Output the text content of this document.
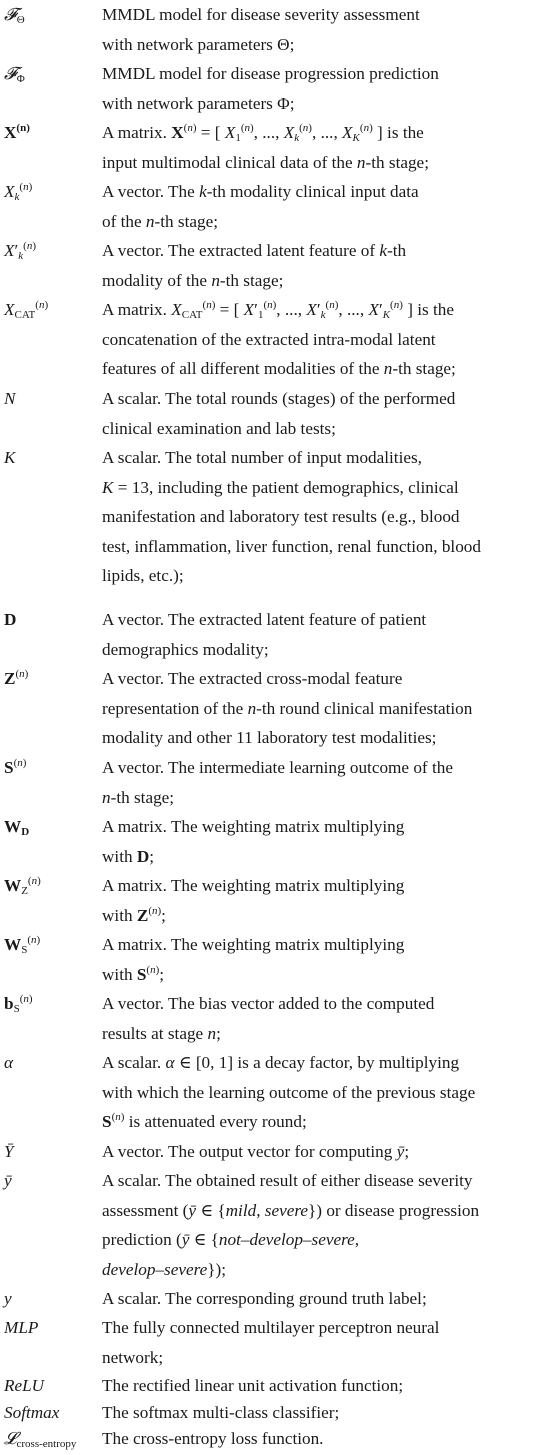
𝓕$_\Theta$	MMDL model for disease severity assessment
with network parameters Θ;
𝓕$_\Phi$	MMDL model for disease progression prediction
with network parameters Φ;
$X^{(n)}$	A matrix. $X^{(n)}$ = [ $X_1^{(n)}$, ..., $X_k^{(n)}$, ..., $X_K^{(n)}$ ] is the
input multimodal clinical data of the n-th stage;
$X_k^{(n)}$	A vector. The k-th modality clinical input data
of the n-th stage;
$X'_k^{(n)}$	A vector. The extracted latent feature of k-th
modality of the n-th stage;
$X_{CAT}^{(n)}$	A matrix. $X_{CAT}^{(n)}$ = [ $X'_1^{(n)}$, ..., $X'_k^{(n)}$, ..., $X'_K^{(n)}$ ] is the
concatenation of the extracted intra-modal latent
features of all different modalities of the n-th stage;
N	A scalar. The total rounds (stages) of the performed
clinical examination and lab tests;
K	A scalar. The total number of input modalities,
K = 13, including the patient demographics, clinical
manifestation and laboratory test results (e.g., blood
test, inflammation, liver function, renal function, blood
lipids, etc.);
D	A vector. The extracted latent feature of patient
demographics modality;
$Z^{(n)}$	A vector. The extracted cross-modal feature
representation of the n-th round clinical manifestation
modality and other 11 laboratory test modalities;
$S^{(n)}$	A vector. The intermediate learning outcome of the
n-th stage;
$W_D$	A matrix. The weighting matrix multiplying
with D;
$W_Z^{(n)}$	A matrix. The weighting matrix multiplying
with $Z^{(n)}$;
$W_S^{(n)}$	A matrix. The weighting matrix multiplying
with $S^{(n)}$;
$b_S^{(n)}$	A vector. The bias vector added to the computed
results at stage n;
α	A scalar. α ∈ [0, 1] is a decay factor, by multiplying
with which the learning outcome of the previous stage
$S^{(n)}$ is attenuated every round;
Ȳ	A vector. The output vector for computing ȳ;
ȳ	A scalar. The obtained result of either disease severity
assessment (ȳ ∈ {mild, severe}) or disease progression
prediction (ȳ ∈ {not–develop–severe,
develop–severe});
y	A scalar. The corresponding ground truth label;
MLP	The fully connected multilayer perceptron neural
network;
ReLU	The rectified linear unit activation function;
Softmax	The softmax multi-class classifier;
𝓛$_{cross-entropy}$	The cross-entropy loss function.
